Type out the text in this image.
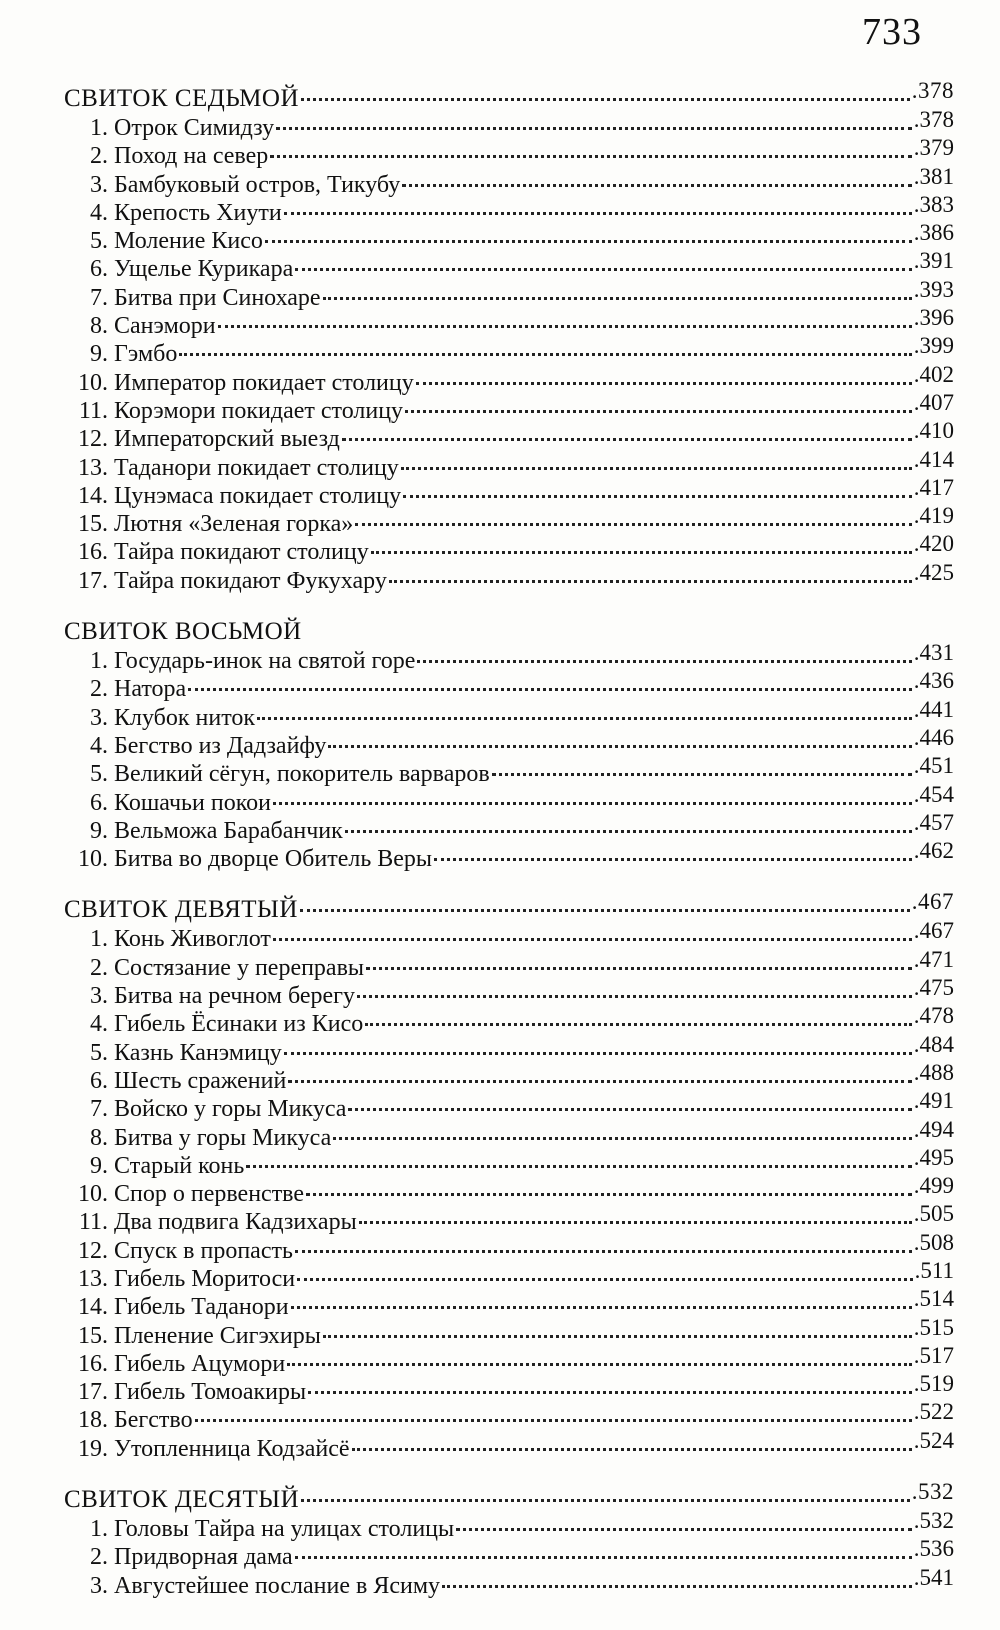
733
СВИТОК СЕДЬМОЙ	.378
1. Отрок Симидзу	.378
2. Поход на север	.379
3. Бамбуковый остров, Тикубу	.381
4. Крепость Хиути	.383
5. Моление Кисо	.386
6. Ущелье Курикара	.391
7. Битва при Синохаре	.393
8. Санэмори	.396
9. Гэмбо	.399
10. Император покидает столицу	.402
11. Корэмори покидает столицу	.407
12. Императорский выезд	.410
13. Таданори покидает столицу	.414
14. Цунэмаса покидает столицу	.417
15. Лютня «Зеленая горка»	.419
16. Тайра покидают столицу	.420
17. Тайра покидают Фукухару	.425
СВИТОК ВОСЬМОЙ
1. Государь-инок на святой горе	.431
2. Натора	.436
3. Клубок ниток	.441
4. Бегство из Дадзайфу	.446
5. Великий сёгун, покоритель варваров	.451
6. Кошачьи покои	.454
9. Вельможа Барабанчик	.457
10. Битва во дворце Обитель Веры	.462
СВИТОК ДЕВЯТЫЙ	.467
1. Конь Живоглот	.467
2. Состязание у переправы	.471
3. Битва на речном берегу	.475
4. Гибель Ёсинаки из Кисо	.478
5. Казнь Канэмицу	.484
6. Шесть сражений	.488
7. Войско у горы Микуса	.491
8. Битва у горы Микуса	.494
9. Старый конь	.495
10. Спор о первенстве	.499
11. Два подвига Кадзихары	.505
12. Спуск в пропасть	.508
13. Гибель Моритоси	.511
14. Гибель Таданори	.514
15. Пленение Сигэхиры	.515
16. Гибель Ацумори	.517
17. Гибель Томоакиры	.519
18. Бегство	.522
19. Утопленница Кодзайсё	.524
СВИТОК ДЕСЯТЫЙ	.532
1. Головы Тайра на улицах столицы	.532
2. Придворная дама	.536
3. Августейшее послание в Ясиму	.541
